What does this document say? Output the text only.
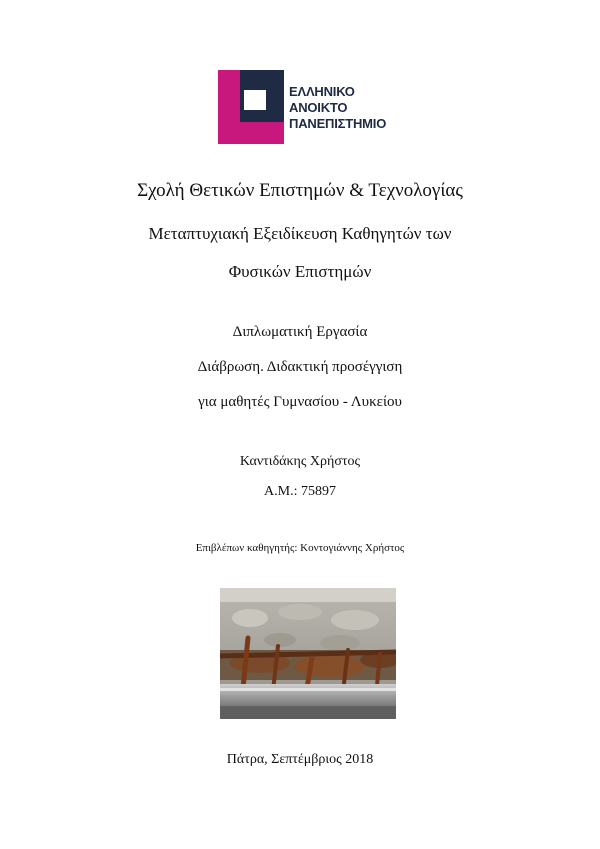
ΕΛΛΗΝΙΚΟ
ΑΝΟΙΚΤΟ
ΠΑΝΕΠΙΣΤΗΜΙΟ
Σχολή Θετικών Επιστημών & Τεχνολογίας
Μεταπτυχιακή Εξειδίκευση Καθηγητών των
Φυσικών Επιστημών
Διπλωματική Εργασία
Διάβρωση. Διδακτική προσέγγιση
για μαθητές Γυμνασίου - Λυκείου
Καντιδάκης Χρήστος
Α.Μ.: 75897
Επιβλέπων καθηγητής: Κοντογιάννης Χρήστος
Πάτρα, Σεπτέμβριος 2018
